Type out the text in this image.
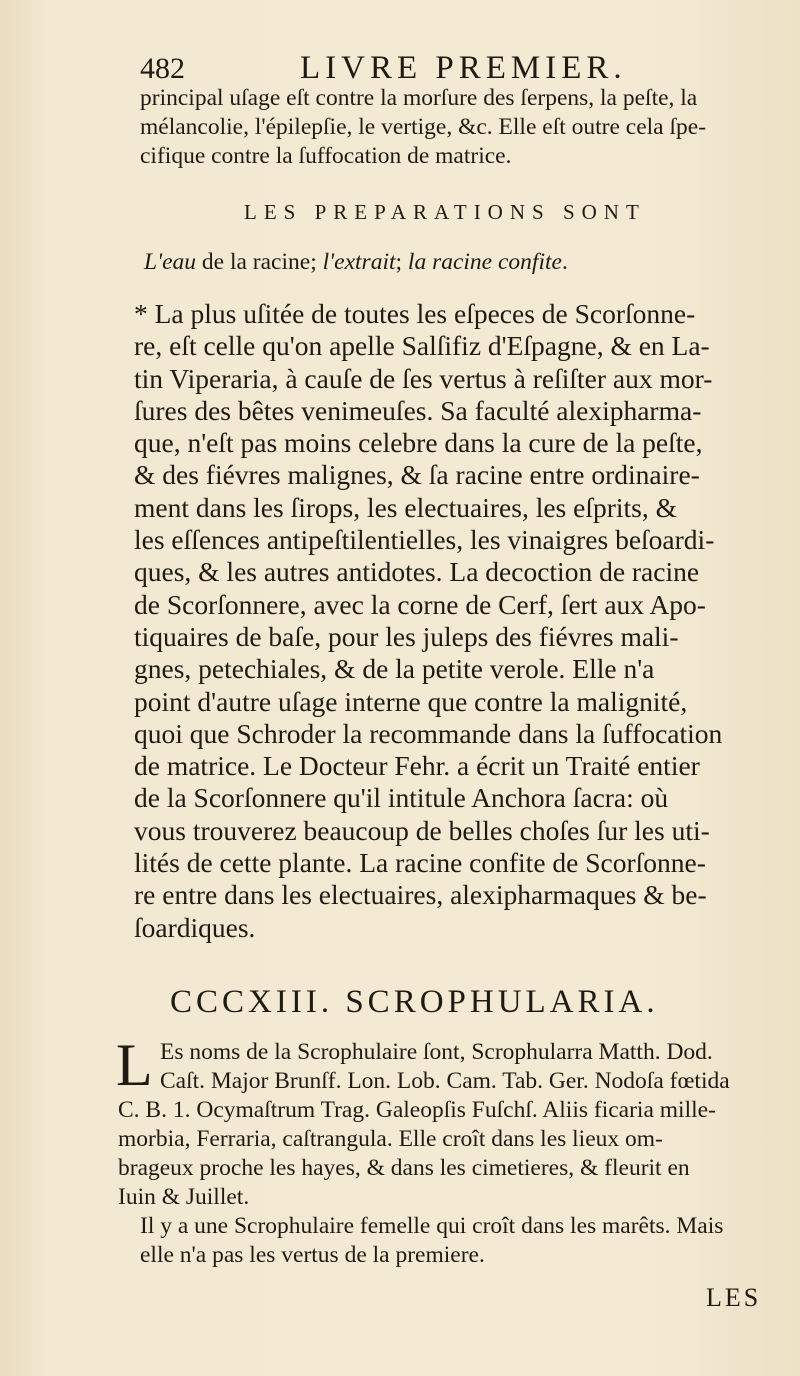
482	LIVRE PREMIER.
principal uſage eſt contre la morſure des ſerpens, la peſte, la
mélancolie, l'épilepſie, le vertige, &c. Elle eſt outre cela ſpe-
cifique contre la ſuffocation de matrice.
LES PREPARATIONS SONT
L'eau de la racine; l'extrait; la racine confite.
* La plus uſitée de toutes les eſpeces de Scorſonne-
re, eſt celle qu'on apelle Salſifiz d'Eſpagne, & en La-
tin Viperaria, à cauſe de ſes vertus à reſiſter aux mor-
ſures des bêtes venimeuſes. Sa faculté alexipharma-
que, n'eſt pas moins celebre dans la cure de la peſte,
& des fiévres malignes, & ſa racine entre ordinaire-
ment dans les ſirops, les electuaires, les eſprits, &
les eſſences antipeſtilentielles, les vinaigres beſoardi-
ques, & les autres antidotes. La decoction de racine
de Scorſonnere, avec la corne de Cerf, ſert aux Apo-
tiquaires de baſe, pour les juleps des fiévres mali-
gnes, petechiales, & de la petite verole. Elle n'a
point d'autre uſage interne que contre la malignité,
quoi que Schroder la recommande dans la ſuffocation
de matrice. Le Docteur Fehr. a écrit un Traité entier
de la Scorſonnere qu'il intitule Anchora ſacra: où
vous trouverez beaucoup de belles choſes ſur les uti-
lités de cette plante. La racine confite de Scorſonne-
re entre dans les electuaires, alexipharmaques & be-
ſoardiques.
CCCXIII. SCROPHULARIA.
L Es noms de la Scrophulaire ſont, Scrophularra Matth. Dod.
Caſt. Major Brunſf. Lon. Lob. Cam. Tab. Ger. Nodoſa fœtida
C. B. 1. Ocymaſtrum Trag. Galeopſis Fuſchſ. Aliis ficaria mille-
morbia, Ferraria, caſtrangula. Elle croît dans les lieux om-
brageux proche les hayes, & dans les cimetieres, & fleurit en
Iuin & Juillet.
Il y a une Scrophulaire femelle qui croît dans les marêts. Mais
elle n'a pas les vertus de la premiere.
LES
